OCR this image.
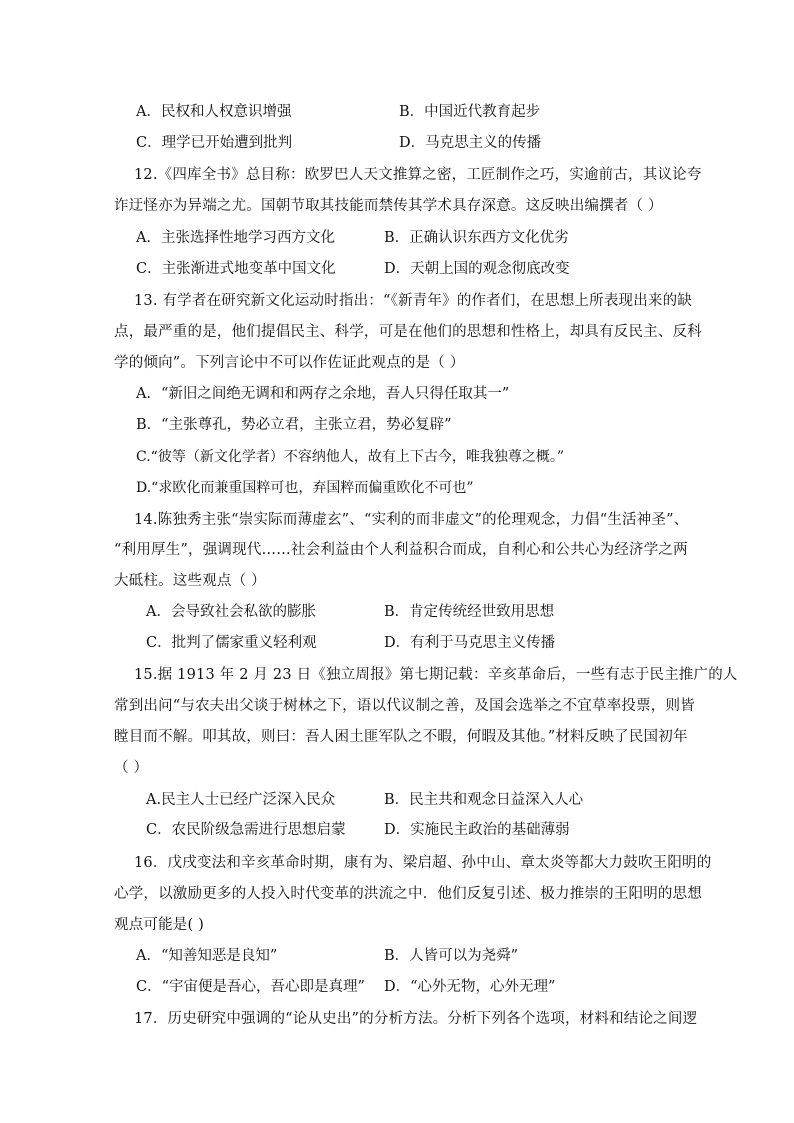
A．民权和人权意识增强	B．中国近代教育起步
C．理学已开始遭到批判	D．马克思主义的传播
12.《四库全书》总目称：欧罗巴人天文推算之密，工匠制作之巧，实逾前古，其议论夸
诈迂怪亦为异端之尤。国朝节取其技能而禁传其学术具存深意。这反映出编撰者（ ）
A．主张选择性地学习西方文化	B．正确认识东西方文化优劣
C．主张渐进式地变革中国文化	D．天朝上国的观念彻底改变
13. 有学者在研究新文化运动时指出：“《新青年》的作者们，在思想上所表现出来的缺
点，最严重的是，他们提倡民主、科学，可是在他们的思想和性格上，却具有反民主、反科
学的倾向”。下列言论中不可以作佐证此观点的是（ ）
A．“新旧之间绝无调和和两存之余地，吾人只得任取其一”
B．“主张尊孔，势必立君，主张立君，势必复辟”
C.“彼等（新文化学者）不容纳他人，故有上下古今，唯我独尊之概。”
D.“求欧化而兼重国粹可也，弃国粹而偏重欧化不可也”
14.陈独秀主张“崇实际而薄虚玄”、“实利的而非虚文”的伦理观念，力倡“生活神圣”、
“利用厚生”，强调现代……社会利益由个人利益积合而成，自利心和公共心为经济学之两
大砥柱。这些观点（ ）
A．会导致社会私欲的膨胀	B．肯定传统经世致用思想
C．批判了儒家重义轻利观	D．有利于马克思主义传播
15.据 1913 年 2 月 23 日《独立周报》第七期记载：辛亥革命后，一些有志于民主推广的人
常到出问“与农夫出父谈于树林之下，语以代议制之善，及国会选举之不宜草率投票，则皆
瞠目而不解。叩其故，则曰：吾人困土匪军队之不暇，何暇及其他。”材料反映了民国初年
（ ）
A.民主人士已经广泛深入民众	B．民主共和观念日益深入人心
C．农民阶级急需进行思想启蒙	D．实施民主政治的基础薄弱
16．戊戌变法和辛亥革命时期，康有为、梁启超、孙中山、章太炎等都大力鼓吹王阳明的
心学，以激励更多的人投入时代变革的洪流之中．他们反复引述、极力推崇的王阳明的思想
观点可能是( )
A．“知善知恶是良知”	B．人皆可以为尧舜”
C．“宇宙便是吾心，吾心即是真理” D．“心外无物，心外无理”
17．历史研究中强调的“论从史出”的分析方法。分析下列各个选项，材料和结论之间逻
